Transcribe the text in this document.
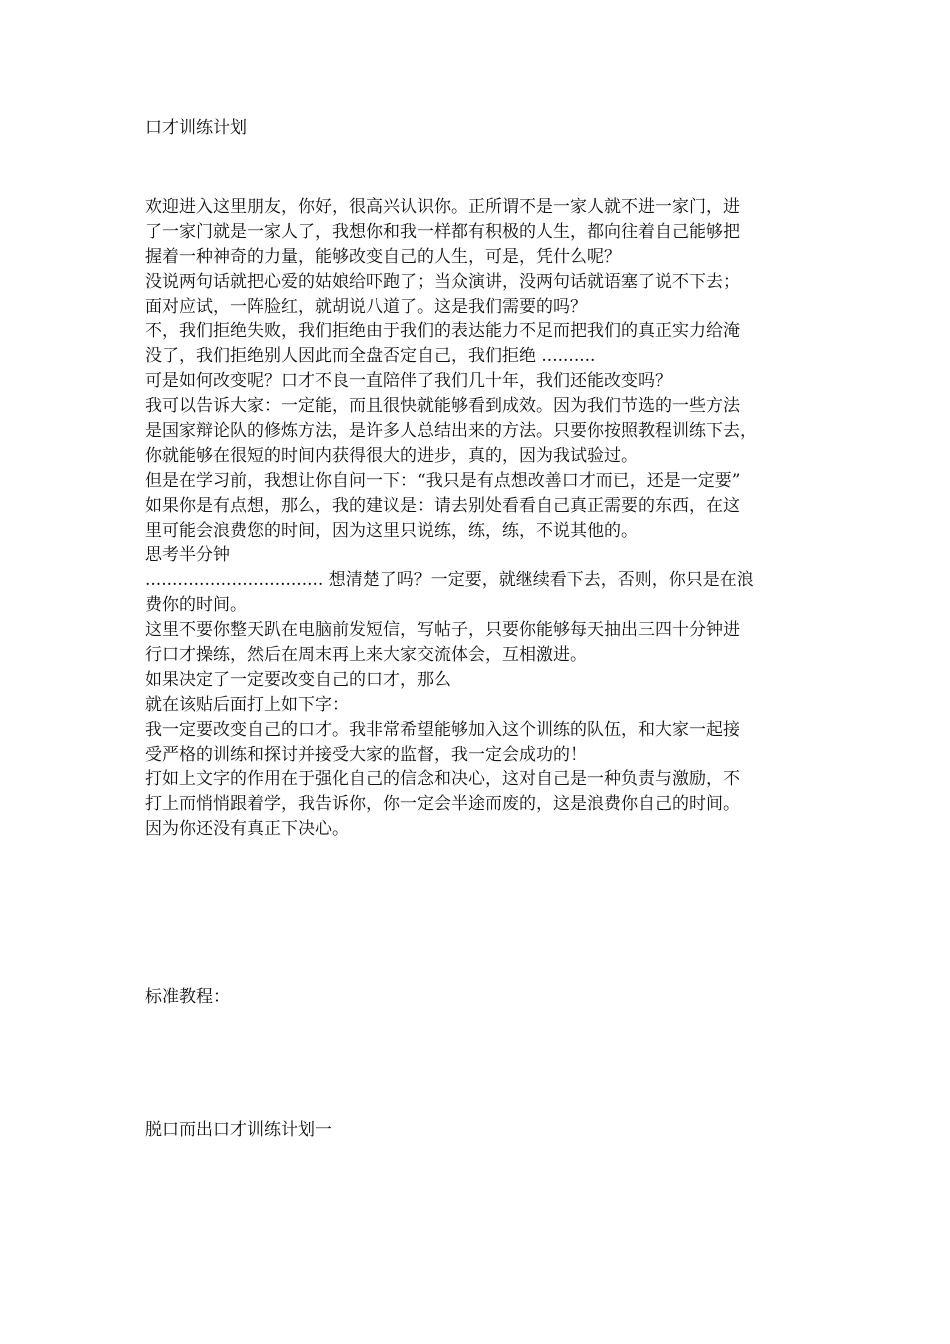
口才训练计划
欢迎进入这里朋友，你好，很高兴认识你。正所谓不是一家人就不进一家门，进
了一家门就是一家人了，我想你和我一样都有积极的人生，都向往着自己能够把
握着一种神奇的力量，能够改变自己的人生，可是，凭什么呢？
没说两句话就把心爱的姑娘给吓跑了；当众演讲，没两句话就语塞了说不下去；
面对应试，一阵脸红，就胡说八道了。这是我们需要的吗？
不，我们拒绝失败，我们拒绝由于我们的表达能力不足而把我们的真正实力给淹
没了，我们拒绝别人因此而全盘否定自己，我们拒绝 ..........
可是如何改变呢？口才不良一直陪伴了我们几十年，我们还能改变吗？
我可以告诉大家：一定能，而且很快就能够看到成效。因为我们节选的一些方法
是国家辩论队的修炼方法，是许多人总结出来的方法。只要你按照教程训练下去，
你就能够在很短的时间内获得很大的进步，真的，因为我试验过。
但是在学习前，我想让你自问一下：“我只是有点想改善口才而已，还是一定要”
如果你是有点想，那么，我的建议是：请去别处看看自己真正需要的东西，在这
里可能会浪费您的时间，因为这里只说练，练，练，不说其他的。
思考半分钟
................................. 想清楚了吗？一定要，就继续看下去，否则，你只是在浪
费你的时间。
这里不要你整天趴在电脑前发短信，写帖子，只要你能够每天抽出三四十分钟进
行口才操练，然后在周末再上来大家交流体会，互相激进。
如果决定了一定要改变自己的口才，那么
就在该贴后面打上如下字：
我一定要改变自己的口才。我非常希望能够加入这个训练的队伍，和大家一起接
受严格的训练和探讨并接受大家的监督，我一定会成功的！
打如上文字的作用在于强化自己的信念和决心，这对自己是一种负责与激励，不
打上而悄悄跟着学，我告诉你，你一定会半途而废的，这是浪费你自己的时间。
因为你还没有真正下决心。
标准教程：
脱口而出口才训练计划一
